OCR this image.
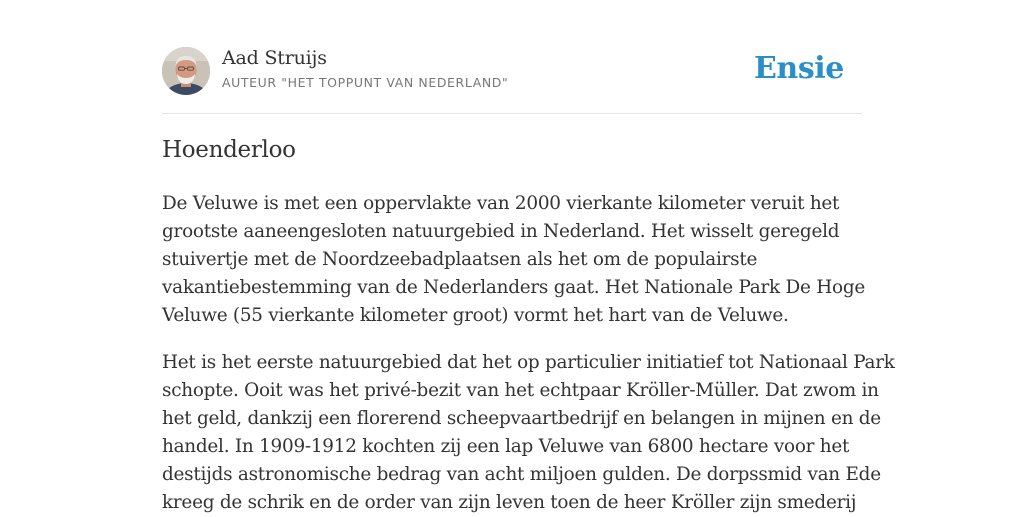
Aad Struijs
AUTEUR "HET TOPPUNT VAN NEDERLAND"	Ensie
Hoenderloo

De Veluwe is met een oppervlakte van 2000 vierkante kilometer veruit het
grootste aaneengesloten natuurgebied in Nederland. Het wisselt geregeld
stuivertje met de Noordzeebadplaatsen als het om de populairste
vakantiebestemming van de Nederlanders gaat. Het Nationale Park De Hoge
Veluwe (55 vierkante kilometer groot) vormt het hart van de Veluwe.

Het is het eerste natuurgebied dat het op particulier initiatief tot Nationaal Park
schopte. Ooit was het privé-bezit van het echtpaar Kröller-Müller. Dat zwom in
het geld, dankzij een florerend scheepvaartbedrijf en belangen in mijnen en de
handel. In 1909-1912 kochten zij een lap Veluwe van 6800 hectare voor het
destijds astronomische bedrag van acht miljoen gulden. De dorpssmid van Ede
kreeg de schrik en de order van zijn leven toen de heer Kröller zijn smederij
